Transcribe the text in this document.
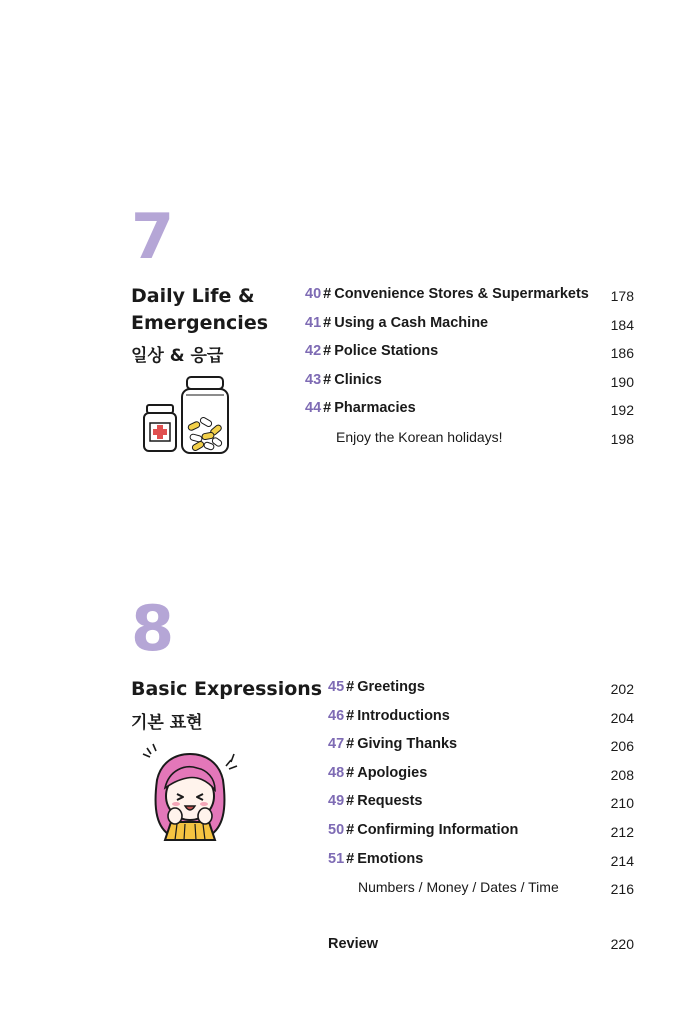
7
Daily Life &
Emergencies
일상 & 응급
40 # Convenience Stores & Supermarkets 178
41 # Using a Cash Machine	184
42 # Police Stations	186
43 # Clinics	190
44 # Pharmacies	192
Enjoy the Korean holidays!	198
8
Basic Expressions
기본 표현
45 # Greetings	202
46 # Introductions	204
47 # Giving Thanks	206
48 # Apologies	208
49 # Requests	210
50 # Confirming Information	212
51 # Emotions	214
Numbers / Money / Dates / Time	216
Review	220
